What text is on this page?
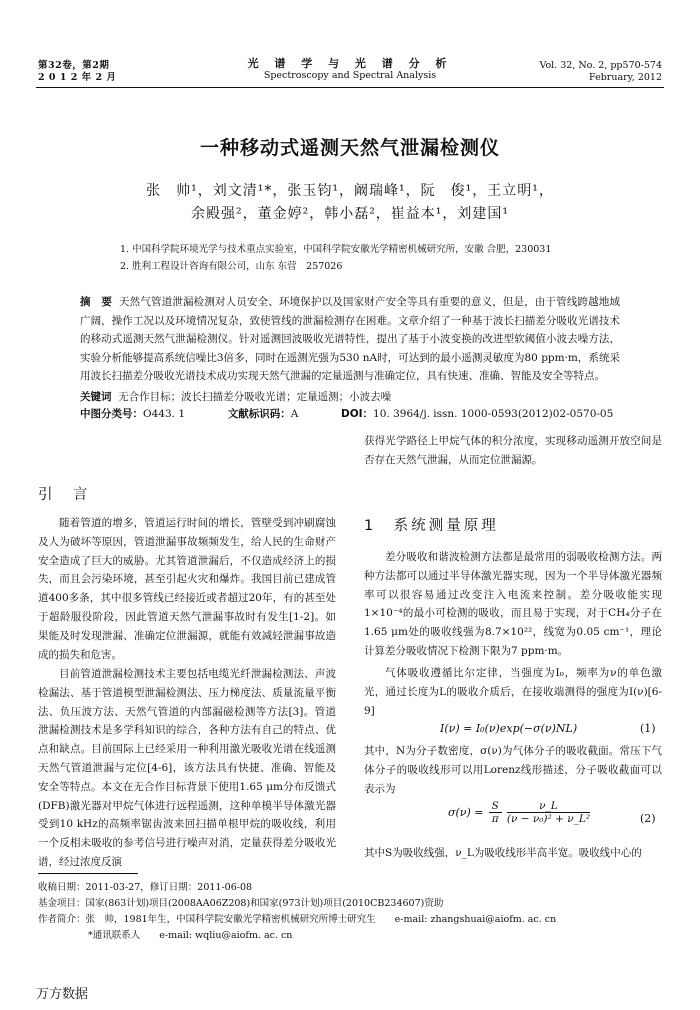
第32卷，第2期
2 0 1 2 年 2 月
光 谱 学 与 光 谱 分 析
Spectroscopy and Spectral Analysis
Vol. 32, No. 2, pp570-574
February, 2012
一种移动式遥测天然气泄漏检测仪
张　帅¹，刘文清¹*，张玉钧¹，阚瑞峰¹，阮　俊¹，王立明¹，
余殿强²，董金婷²，韩小磊²，崔益本¹，刘建国¹
1. 中国科学院环境光学与技术重点实验室，中国科学院安徽光学精密机械研究所，安徽 合肥，230031
2. 胜利工程设计咨询有限公司，山东 东营　257026
摘　要 天然气管道泄漏检测对人员安全、环境保护以及国家财产安全等具有重要的意义，但是，由于管线跨越地域广阔，操作工况以及环境情况复杂，致使管线的泄漏检测存在困难。文章介绍了一种基于波长扫描差分吸收光谱技术的移动式遥测天然气泄漏检测仪。针对遥测回波吸收光谱特性，提出了基于小波变换的改进型软阈值小波去噪方法，实验分析能够提高系统信噪比3倍多，同时在遥测光强为530 nA时，可达到的最小遥测灵敏度为80 ppm·m，系统采用波长扫描差分吸收光谱技术成功实现天然气泄漏的定量遥测与准确定位，具有快速、准确、智能及安全等特点。
关键词 无合作目标；波长扫描差分吸收光谱；定量遥测；小波去噪
中图分类号：O443. 1	文献标识码：A	DOI：10. 3964/j. issn. 1000-0593(2012)02-0570-05
引　言
随着管道的增多，管道运行时间的增长，管壁受到冲刷腐蚀及人为破坏等原因，管道泄漏事故频频发生，给人民的生命财产安全造成了巨大的威胁。尤其管道泄漏后，不仅造成经济上的损失，而且会污染环境，甚至引起火灾和爆炸。我国目前已建成管道400多条，其中很多管线已经接近或者超过20年，有的甚至处于超龄服役阶段，因此管道天然气泄漏事故时有发生[1-2]。如果能及时发现泄漏、准确定位泄漏源，就能有效减轻泄漏事故造成的损失和危害。
目前管道泄漏检测技术主要包括电缆光纤泄漏检测法、声波检漏法、基于管道模型泄漏检测法、压力梯度法、质量流量平衡法、负压波方法、天然气管道的内部漏磁检测等方法[3]。管道泄漏检测技术是多学科知识的综合，各种方法有自己的特点、优点和缺点。目前国际上已经采用一种利用激光吸收光谱在线遥测天然气管道泄漏与定位[4-6]，该方法具有快捷、准确、智能及安全等特点。本文在无合作目标背景下使用1.65 μm分布反馈式(DFB)激光器对甲烷气体进行远程遥测，这种单模半导体激光器受到10 kHz的高频率锯齿波来回扫描单根甲烷的吸收线，利用一个反相未吸收的参考信号进行噪声对消，定量获得差分吸收光谱，经过浓度反演
获得光学路径上甲烷气体的积分浓度，实现移动遥测开放空间是否存在天然气泄漏，从而定位泄漏源。
1　系统测量原理
差分吸收和谐波检测方法都是最常用的弱吸收检测方法。两种方法都可以通过半导体激光器实现，因为一个半导体激光器频率可以很容易通过改变注入电流来控制。差分吸收能实现1×10⁻⁴的最小可检测的吸收，而且易于实现，对于CH₄分子在1.65 μm处的吸收线强为8.7×10²²，线宽为0.05 cm⁻¹，理论计算差分吸收情况下检测下限为7 ppm·m。
气体吸收遵循比尔定律，当强度为I₀，频率为ν的单色激光，通过长度为L的吸收介质后，在接收端测得的强度为I(ν)[6-9]
I(ν) = I₀(ν)exp(−σ(ν)NL)	(1)
其中，N为分子数密度，σ(ν)为气体分子的吸收截面。常压下气体分子的吸收线形可以用Lorenz线形描述，分子吸收截面可以表示为
$\sigma(\nu) = \frac{S}{\pi}$
$\frac{\nu\_L}{\text{(ν − ν₀)² + ν\_L²}}$	(2)
其中S为吸收线强，ν_L为吸收线形半高半宽。吸收线中心的
收稿日期：2011-03-27，修订日期：2011-06-08
基金项目：国家(863计划)项目(2008AA06Z208)和国家(973计划)项目(2010CB234607)资助
作者简介：张　帅，1981年生，中国科学院安徽光学精密机械研究所博士研究生　　e-mail: zhangshuai@aiofm. ac. cn
*通讯联系人　　e-mail: wqliu@aiofm. ac. cn
万方数据
